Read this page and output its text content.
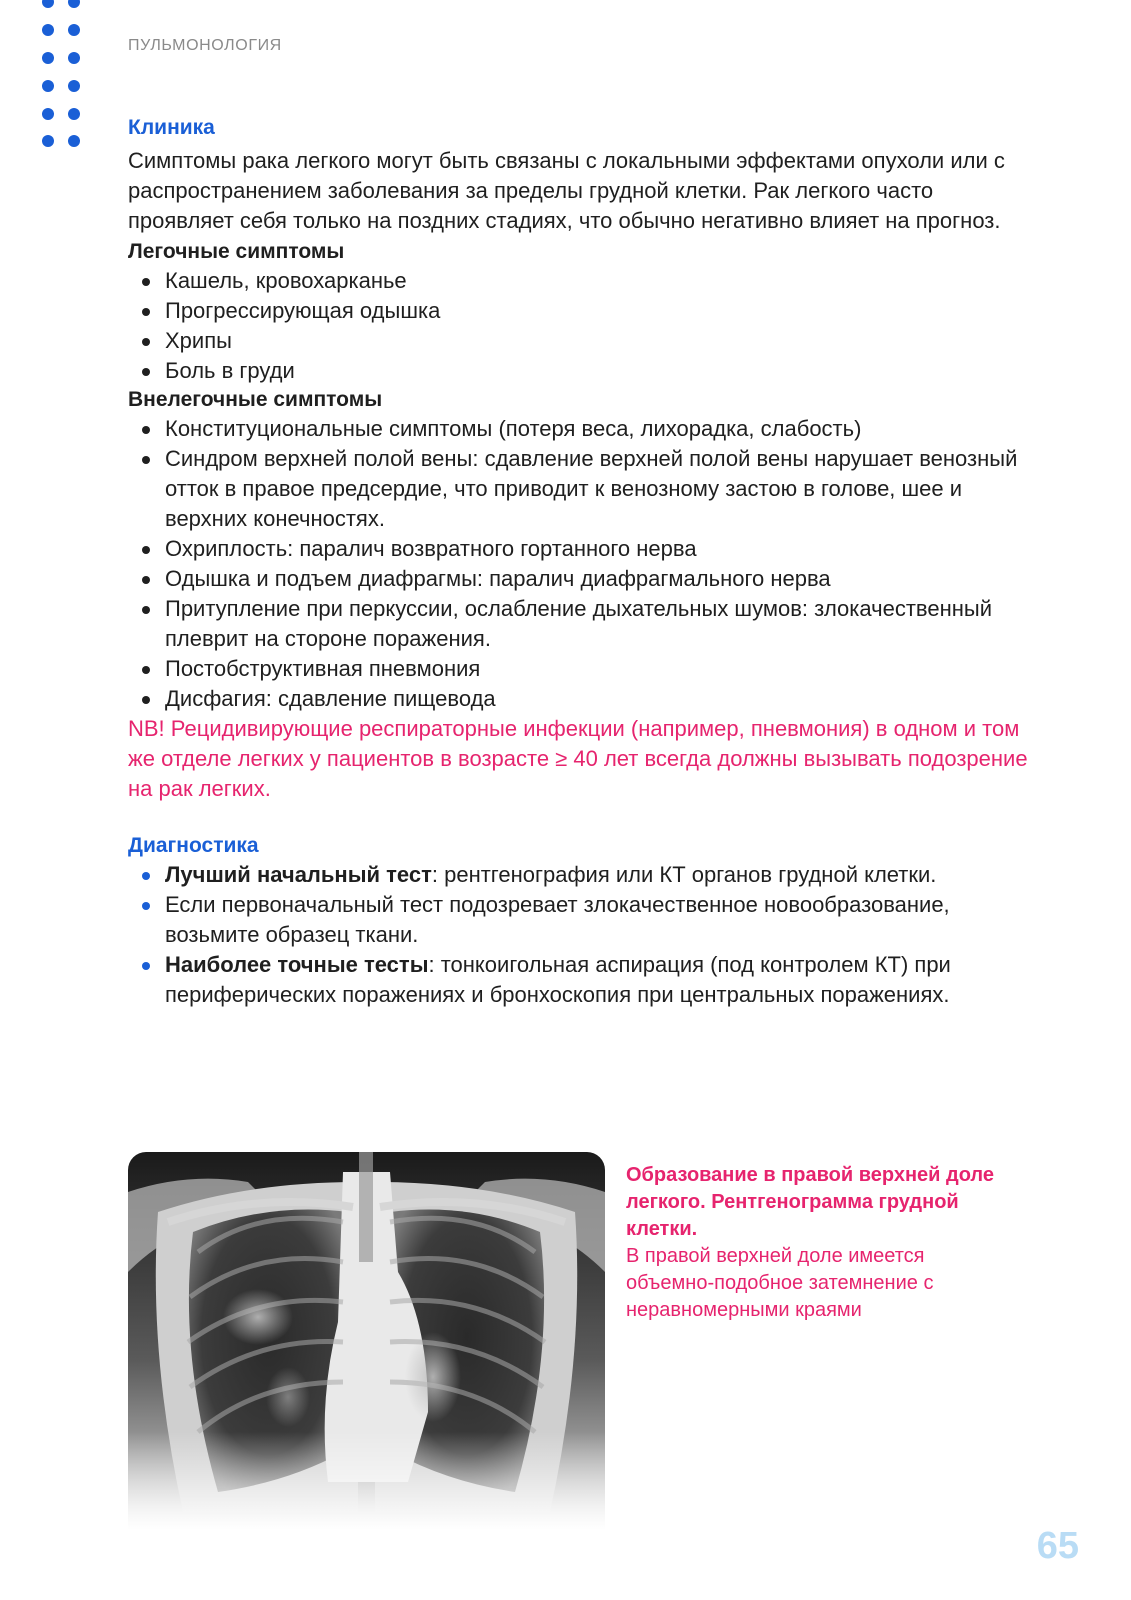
ПУЛЬМОНОЛОГИЯ
Клиника

Симптомы рака легкого могут быть связаны с локальными эффектами опухоли или с распространением заболевания за пределы грудной клетки. Рак легкого часто проявляет себя только на поздних стадиях, что обычно негативно влияет на прогноз.

Легочные симптомы
Кашель, кровохарканье
Прогрессирующая одышка
Хрипы
Боль в груди
Внелегочные симптомы
Конституциональные симптомы (потеря веса, лихорадка, слабость)
Синдром верхней полой вены: сдавление верхней полой вены нарушает венозный отток в правое предсердие, что приводит к венозному застою в голове, шее и верхних конечностях.
Охриплость: паралич возвратного гортанного нерва
Одышка и подъем диафрагмы: паралич диафрагмального нерва
Притупление при перкуссии, ослабление дыхательных шумов: злокачественный плеврит на стороне поражения.
Постобструктивная пневмония
Дисфагия: сдавление пищевода

NB! Рецидивирующие респираторные инфекции (например, пневмония) в одном и том же отделе легких у пациентов в возрасте ≥ 40 лет всегда должны вызывать подозрение на рак легких.

Диагностика
Лучший начальный тест: рентгенография или КТ органов грудной клетки.
Если первоначальный тест подозревает злокачественное новообразование, возьмите образец ткани.
Наиболее точные тесты: тонкоигольная аспирация (под контролем КТ) при периферических поражениях и бронхоскопия при центральных поражениях.
Образование в правой верхней доле легкого. Рентгенограмма грудной клетки.
В правой верхней доле имеется объемно-подобное затемнение с неравномерными краями
65
